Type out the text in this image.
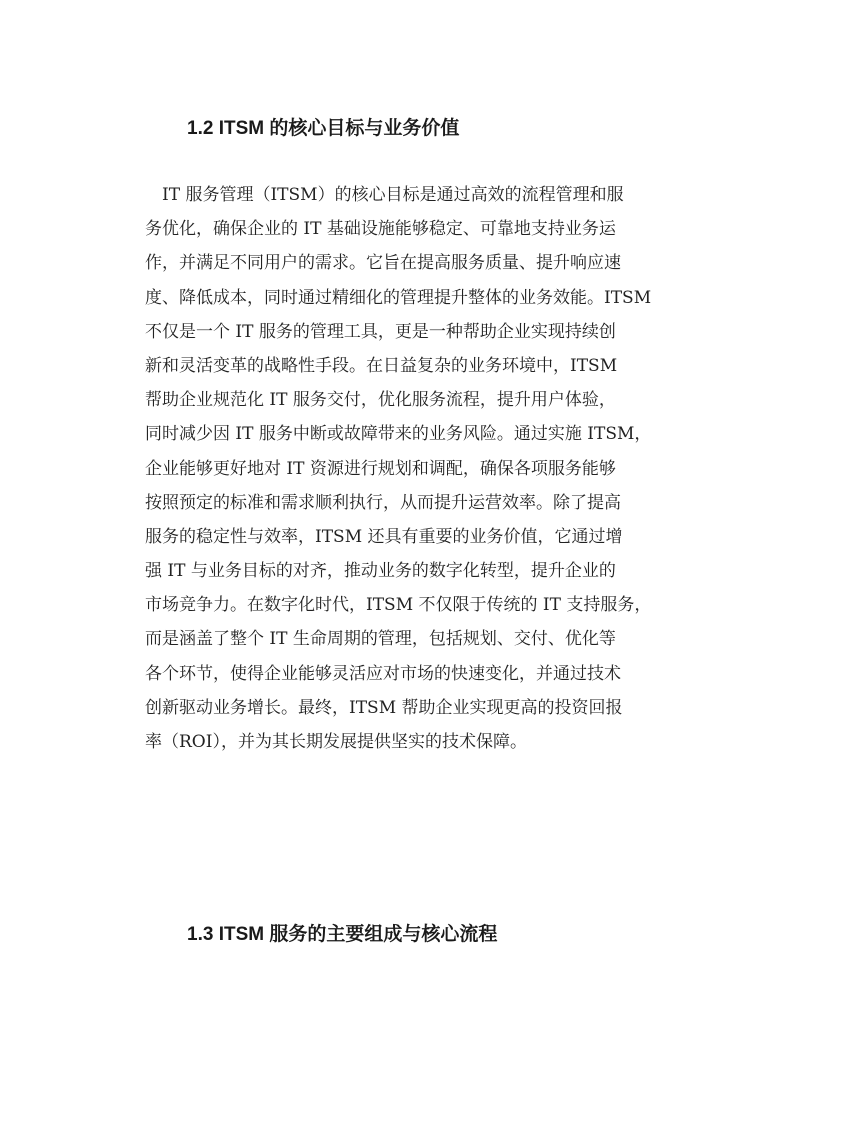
1.2 ITSM 的核心目标与业务价值
　IT 服务管理（ITSM）的核心目标是通过高效的流程管理和服
务优化，确保企业的 IT 基础设施能够稳定、可靠地支持业务运
作，并满足不同用户的需求。它旨在提高服务质量、提升响应速
度、降低成本，同时通过精细化的管理提升整体的业务效能。ITSM
不仅是一个 IT 服务的管理工具，更是一种帮助企业实现持续创
新和灵活变革的战略性手段。在日益复杂的业务环境中，ITSM
帮助企业规范化 IT 服务交付，优化服务流程，提升用户体验，
同时减少因 IT 服务中断或故障带来的业务风险。通过实施 ITSM，
企业能够更好地对 IT 资源进行规划和调配，确保各项服务能够
按照预定的标准和需求顺利执行，从而提升运营效率。除了提高
服务的稳定性与效率，ITSM 还具有重要的业务价值，它通过增
强 IT 与业务目标的对齐，推动业务的数字化转型，提升企业的
市场竞争力。在数字化时代，ITSM 不仅限于传统的 IT 支持服务，
而是涵盖了整个 IT 生命周期的管理，包括规划、交付、优化等
各个环节，使得企业能够灵活应对市场的快速变化，并通过技术
创新驱动业务增长。最终，ITSM 帮助企业实现更高的投资回报
率（ROI），并为其长期发展提供坚实的技术保障。
1.3 ITSM 服务的主要组成与核心流程
